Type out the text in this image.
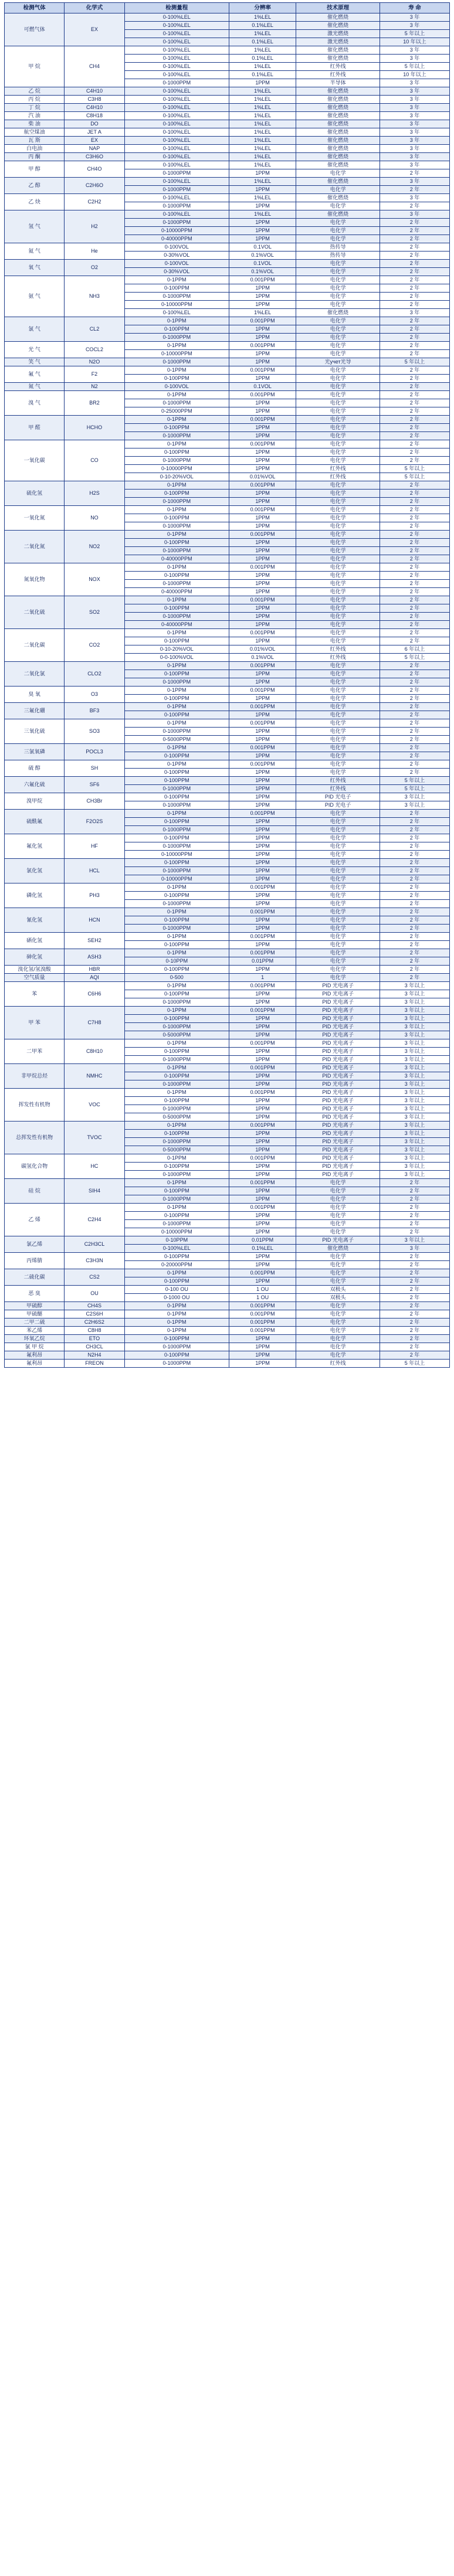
检测气体	化学式	检测量程	分辨率	技术原理	寿 命
可燃气体	EX	0-100%LEL	1%LEL	催化燃烧	3 年
		0-100%LEL	0.1%LEL	催化燃烧	3 年
		0-100%LEL	1%LEL	激光燃烧	5 年以上
		0-100%LEL	0.1%LEL	激光燃烧	10 年以上
甲 烷	CH4	0-100%LEL	1%LEL	催化燃烧	3 年
		0-100%LEL	0.1%LEL	催化燃烧	3 年
		0-100%LEL	1%LEL	红外线	5 年以上
		0-100%LEL	0.1%LEL	红外线	10 年以上
		0-1000PPM	1PPM	半导体	3 年
乙 烷	C4H10	0-100%LEL	1%LEL	催化燃烧	3 年
丙 烷	C3H8	0-100%LEL	1%LEL	催化燃烧	3 年
丁 烷	C4H10	0-100%LEL	1%LEL	催化燃烧	3 年
汽 油	C8H18	0-100%LEL	1%LEL	催化燃烧	3 年
柴 油	DO	0-100%LEL	1%LEL	催化燃烧	3 年
航空煤油	JET A	0-100%LEL	1%LEL	催化燃烧	3 年
瓦 斯	EX	0-100%LEL	1%LEL	催化燃烧	3 年
白电油	NAP	0-100%LEL	1%LEL	催化燃烧	3 年
丙 酮	C3H6O	0-100%LEL	1%LEL	催化燃烧	3 年
甲 醇	CH4O	0-100%LEL	1%LEL	催化燃烧	3 年
		0-1000PPM	1PPM	电化学	2 年
乙 醇	C2H6O	0-100%LEL	1%LEL	催化燃烧	3 年
		0-1000PPM	1PPM	电化学	2 年
乙 炔	C2H2	0-100%LEL	1%LEL	催化燃烧	3 年
		0-1000PPM	1PPM	电化学	2 年
氢 气	H2	0-100%LEL	1%LEL	催化燃烧	3 年
		0-1000PPM	1PPM	电化学	2 年
		0-10000PPM	1PPM	电化学	2 年
		0-40000PPM	1PPM	电化学	2 年
氦 气	He	0-100VOL	0.1VOL	热传导	2 年
		0-30%VOL	0.1%VOL	热传导	2 年
氧 气	O2	0-100VOL	0.1VOL	电化学	2 年
		0-30%VOL	0.1%VOL	电化学	2 年
氨 气	NH3	0-1PPM	0.001PPM	电化学	2 年
		0-100PPM	1PPM	电化学	2 年
		0-1000PPM	1PPM	电化学	2 年
		0-10000PPM	1PPM	电化学	2 年
		0-100%LEL	1%LEL	催化燃烧	3 年
氯 气	CL2	0-1PPM	0.001PPM	电化学	2 年
		0-100PPM	1PPM	电化学	2 年
		0-1000PPM	1PPM	电化学	2 年
光 气	COCL2	0-1PPM	0.001PPM	电化学	2 年
		0-10000PPM	1PPM	电化学	2 年
笑 气	N2O	0-1000PPM	1PPM	光учет光导	5 年以上
氟 气	F2	0-1PPM	0.001PPM	电化学	2 年
		0-100PPM	1PPM	电化学	2 年
氮 气	N2	0-100VOL	0.1VOL	电化学	2 年
溴 气	BR2	0-1PPM	0.001PPM	电化学	2 年
		0-1000PPM	1PPM	电化学	2 年
		0-25000PPM	1PPM	电化学	2 年
甲 醛	HCHO	0-1PPM	0.001PPM	电化学	2 年
		0-100PPM	1PPM	电化学	2 年
		0-1000PPM	1PPM	电化学	2 年
一氧化碳	CO	0-1PPM	0.001PPM	电化学	2 年
		0-100PPM	1PPM	电化学	2 年
		0-1000PPM	1PPM	电化学	2 年
		0-10000PPM	1PPM	红外线	5 年以上
		0-10-20%VOL	0.01%VOL	红外线	5 年以上
硫化氢	H2S	0-1PPM	0.001PPM	电化学	2 年
		0-100PPM	1PPM	电化学	2 年
		0-1000PPM	1PPM	电化学	2 年
一氧化氮	NO	0-1PPM	0.001PPM	电化学	2 年
		0-100PPM	1PPM	电化学	2 年
		0-1000PPM	1PPM	电化学	2 年
二氧化氮	NO2	0-1PPM	0.001PPM	电化学	2 年
		0-100PPM	1PPM	电化学	2 年
		0-1000PPM	1PPM	电化学	2 年
		0-40000PPM	1PPM	电化学	2 年
氮氧化物	NOX	0-1PPM	0.001PPM	电化学	2 年
		0-100PPM	1PPM	电化学	2 年
		0-1000PPM	1PPM	电化学	2 年
		0-40000PPM	1PPM	电化学	2 年
二氧化硫	SO2	0-1PPM	0.001PPM	电化学	2 年
		0-100PPM	1PPM	电化学	2 年
		0-1000PPM	1PPM	电化学	2 年
		0-40000PPM	1PPM	电化学	2 年
二氧化碳	CO2	0-1PPM	0.001PPM	电化学	2 年
		0-100PPM	1PPM	电化学	2 年
		0-10-20%VOL	0.01%VOL	红外线	6 年以上
		0-0-100%VOL	0.1%VOL	红外线	5 年以上
二氧化氯	CLO2	0-1PPM	0.001PPM	电化学	2 年
		0-100PPM	1PPM	电化学	2 年
		0-1000PPM	1PPM	电化学	2 年
臭 氧	O3	0-1PPM	0.001PPM	电化学	2 年
		0-100PPM	1PPM	电化学	2 年
三氟化硼	BF3	0-1PPM	0.001PPM	电化学	2 年
		0-100PPM	1PPM	电化学	2 年
三氧化硫	SO3	0-1PPM	0.001PPM	电化学	2 年
		0-1000PPM	1PPM	电化学	2 年
		0-5000PPM	1PPM	电化学	2 年
三氯氧磷	POCL3	0-1PPM	0.001PPM	电化学	2 年
		0-100PPM	1PPM	电化学	2 年
硫 醇	SH	0-1PPM	0.001PPM	电化学	2 年
		0-100PPM	1PPM	电化学	2 年
六氟化硫	SF6	0-100PPM	1PPM	红外线	5 年以上
		0-1000PPM	1PPM	红外线	5 年以上
溴甲烷	CH3Br	0-100PPM	1PPM	PID 光电子	3 年以上
		0-1000PPM	1PPM	PID 光电子	3 年以上
硫酰氟	F2O2S	0-1PPM	0.001PPM	电化学	2 年
		0-100PPM	1PPM	电化学	2 年
		0-1000PPM	1PPM	电化学	2 年
氟化氢	HF	0-100PPM	1PPM	电化学	2 年
		0-1000PPM	1PPM	电化学	2 年
		0-10000PPM	1PPM	电化学	2 年
氯化氢	HCL	0-100PPM	1PPM	电化学	2 年
		0-1000PPM	1PPM	电化学	2 年
		0-10000PPM	1PPM	电化学	2 年
磷化氢	PH3	0-1PPM	0.001PPM	电化学	2 年
		0-100PPM	1PPM	电化学	2 年
		0-1000PPM	1PPM	电化学	2 年
氰化氢	HCN	0-1PPM	0.001PPM	电化学	2 年
		0-100PPM	1PPM	电化学	2 年
		0-1000PPM	1PPM	电化学	2 年
硒化氢	SEH2	0-1PPM	0.001PPM	电化学	2 年
		0-100PPM	1PPM	电化学	2 年
砷化氢	ASH3	0-1PPM	0.001PPM	电化学	2 年
		0-10PPM	0.01PPM	电化学	2 年
溴化氢/氢溴酸	HBR	0-100PPM	1PPM	电化学	2 年
空气质量	AQI	0-500	1	电化学	2 年
苯	C6H6	0-1PPM	0.001PPM	PID 光电离子	3 年以上
		0-100PPM	1PPM	PID 光电离子	3 年以上
		0-1000PPM	1PPM	PID 光电离子	3 年以上
甲 苯	C7H8	0-1PPM	0.001PPM	PID 光电离子	3 年以上
		0-100PPM	1PPM	PID 光电离子	3 年以上
		0-1000PPM	1PPM	PID 光电离子	3 年以上
		0-5000PPM	1PPM	PID 光电离子	3 年以上
二甲苯	C8H10	0-1PPM	0.001PPM	PID 光电离子	3 年以上
		0-100PPM	1PPM	PID 光电离子	3 年以上
		0-1000PPM	1PPM	PID 光电离子	3 年以上
非甲烷总烃	NMHC	0-1PPM	0.001PPM	PID 光电离子	3 年以上
		0-100PPM	1PPM	PID 光电离子	3 年以上
		0-1000PPM	1PPM	PID 光电离子	3 年以上
挥发性有机物	VOC	0-1PPM	0.001PPM	PID 光电离子	3 年以上
		0-100PPM	1PPM	PID 光电离子	3 年以上
		0-1000PPM	1PPM	PID 光电离子	3 年以上
		0-5000PPM	1PPM	PID 光电离子	3 年以上
总挥发性有机物	TVOC	0-1PPM	0.001PPM	PID 光电离子	3 年以上
		0-100PPM	1PPM	PID 光电离子	3 年以上
		0-1000PPM	1PPM	PID 光电离子	3 年以上
		0-5000PPM	1PPM	PID 光电离子	3 年以上
碳氢化合物	HC	0-1PPM	0.001PPM	PID 光电离子	3 年以上
		0-100PPM	1PPM	PID 光电离子	3 年以上
		0-1000PPM	1PPM	PID 光电离子	3 年以上
硅 烷	SIH4	0-1PPM	0.001PPM	电化学	2 年
		0-100PPM	1PPM	电化学	2 年
		0-1000PPM	1PPM	电化学	2 年
乙 烯	C2H4	0-1PPM	0.001PPM	电化学	2 年
		0-100PPM	1PPM	电化学	2 年
		0-1000PPM	1PPM	电化学	2 年
		0-10000PPM	1PPM	电化学	2 年
氯乙烯	C2H3CL	0-10PPM	0.01PPM	PID 光电离子	3 年以上
		0-100%LEL	0.1%LEL	催化燃烧	3 年
丙烯腈	C3H3N	0-100PPM	1PPM	电化学	2 年
		0-20000PPM	1PPM	电化学	2 年
二硫化碳	CS2	0-1PPM	0.001PPM	电化学	2 年
		0-100PPM	1PPM	电化学	2 年
恶 臭	OU	0-100 OU	1 OU	双极头	2 年
		0-1000 OU	1 OU	双极头	2 年
甲硫醇	CH4S	0-1PPM	0.001PPM	电化学	2 年
甲硫醚	C2S6H	0-1PPM	0.001PPM	电化学	2 年
二甲二硫	C2H6S2	0-1PPM	0.001PPM	电化学	2 年
苯乙烯	C8H8	0-1PPM	0.001PPM	电化学	2 年
环氧乙烷	ETO	0-100PPM	1PPM	电化学	2 年
氯 甲 烷	CH3CL	0-1000PPM	1PPM	电化学	2 年
氟利昂	N2H4	0-100PPM	1PPM	电化学	2 年
氟利昂	FREON	0-1000PPM	1PPM	红外线	5 年以上
